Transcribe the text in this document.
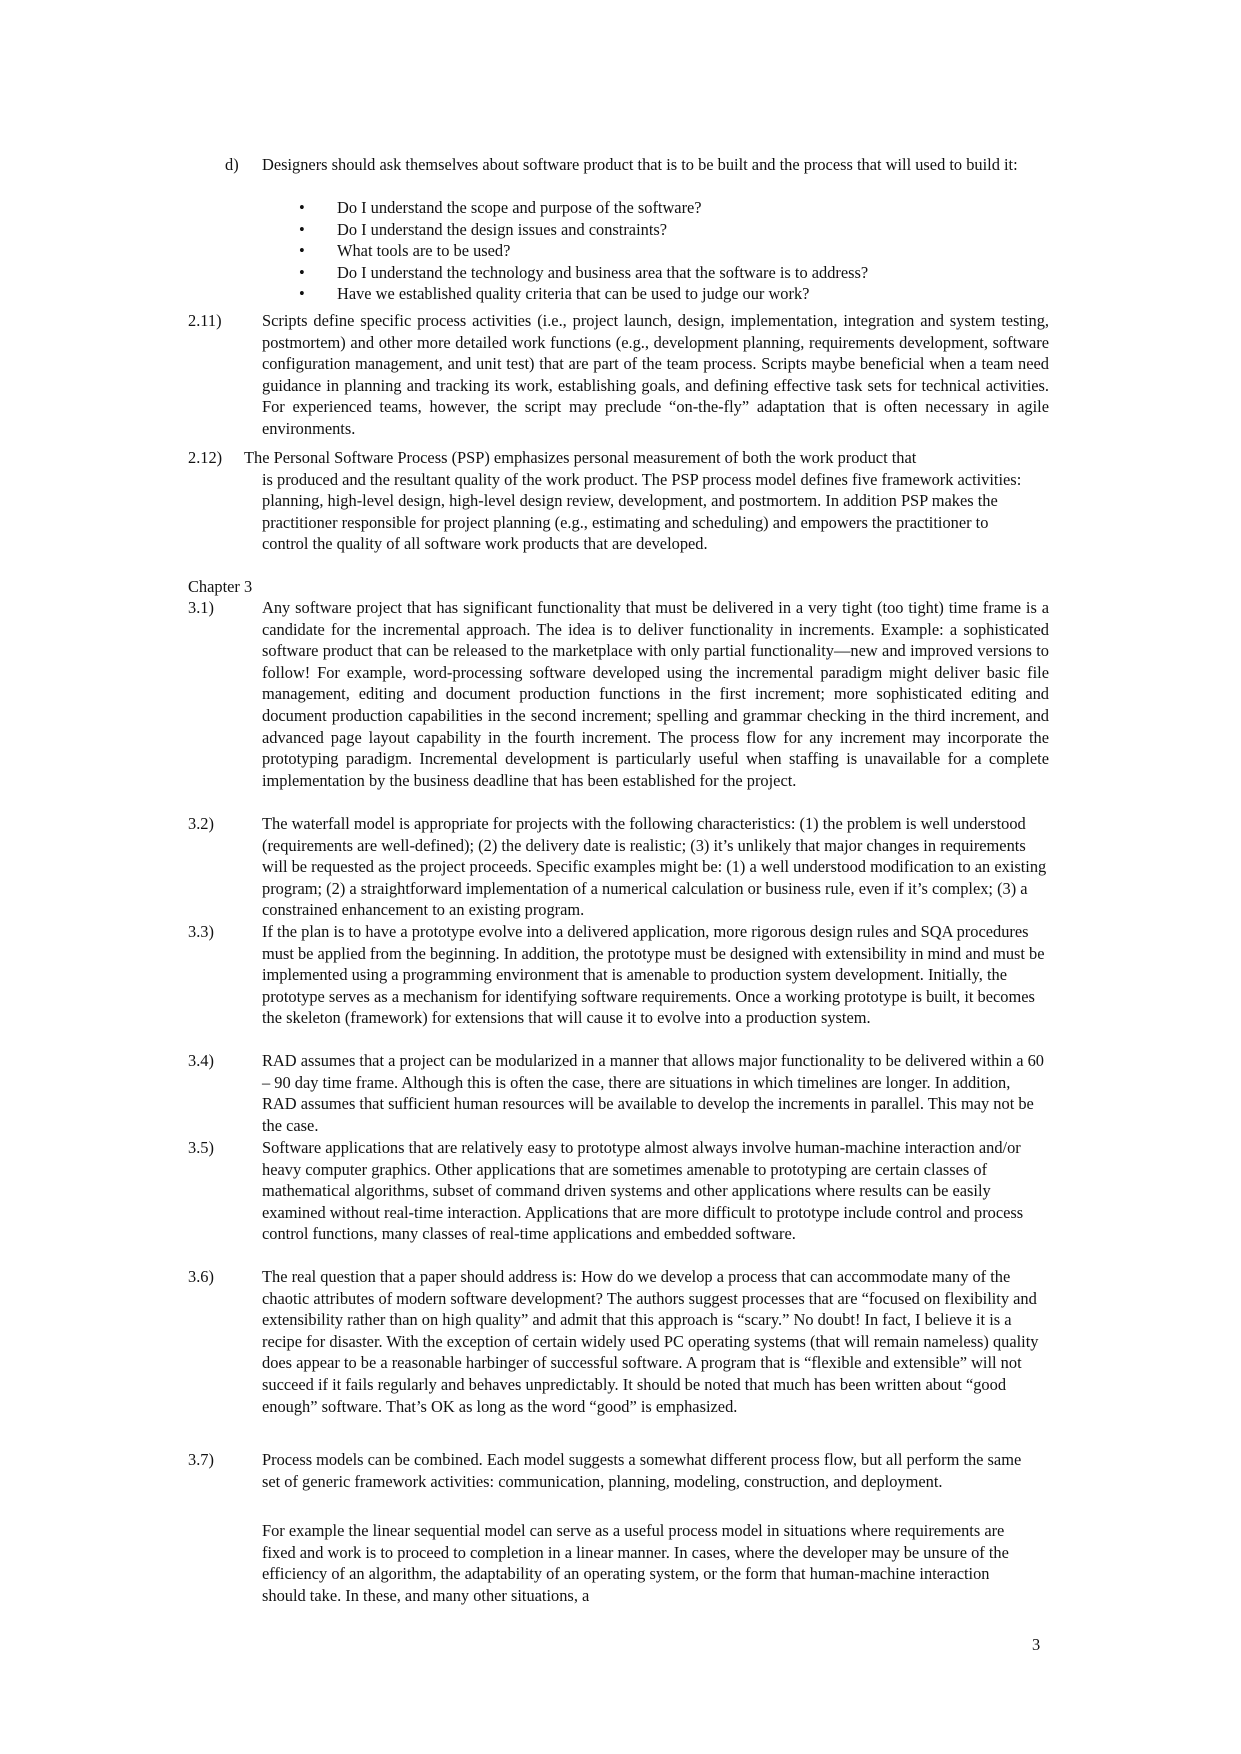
d) Designers should ask themselves about software product that is to be built and the process that will used to build it:

• Do I understand the scope and purpose of the software?
• Do I understand the design issues and constraints?
• What tools are to be used?
• Do I understand the technology and business area that the software is to address?
• Have we established quality criteria that can be used to judge our work?
2.11) Scripts define specific process activities (i.e., project launch, design, implementation, integration and system testing, postmortem) and other more detailed work functions (e.g., development planning, requirements development, software configuration management, and unit test) that are part of the team process. Scripts maybe beneficial when a team need guidance in planning and tracking its work, establishing goals, and defining effective task sets for technical activities. For experienced teams, however, the script may preclude “on-the-fly” adaptation that is often necessary in agile environments.

2.12) The Personal Software Process (PSP) emphasizes personal measurement of both the work product that

is produced and the resultant quality of the work product. The PSP process model defines five framework activities: planning, high-level design, high-level design review, development, and postmortem. In addition PSP makes the practitioner responsible for project planning (e.g., estimating and scheduling) and empowers the practitioner to control the quality of all software work products that are developed.

Chapter 3
3.1)	Any software project that has significant functionality that must be delivered in a very tight (too tight) time frame is a candidate for the incremental approach. The idea is to deliver functionality in increments. Example: a sophisticated software product that can be released to the marketplace with only partial functionality—new and improved versions to follow! For example, word-processing software developed using the incremental paradigm might deliver basic file management, editing and document production functions in the first increment; more sophisticated editing and document production capabilities in the second increment; spelling and grammar checking in the third increment, and advanced page layout capability in the fourth increment. The process flow for any increment may incorporate the prototyping paradigm. Incremental development is particularly useful when staffing is unavailable for a complete implementation by the business deadline that has been established for the project.

3.2)	The waterfall model is appropriate for projects with the following characteristics: (1) the problem is well understood (requirements are well-defined); (2) the delivery date is realistic; (3) it’s unlikely that major changes in requirements will be requested as the project proceeds. Specific examples might be: (1) a well understood modification to an existing program; (2) a straightforward implementation of a numerical calculation or business rule, even if it’s complex; (3) a constrained enhancement to an existing program.

3.3)	If the plan is to have a prototype evolve into a delivered application, more rigorous design rules and SQA procedures must be applied from the beginning. In addition, the prototype must be designed with extensibility in mind and must be implemented using a programming environment that is amenable to production system development. Initially, the prototype serves as a mechanism for identifying software requirements. Once a working prototype is built, it becomes the skeleton (framework) for extensions that will cause it to evolve into a production system.

3.4)	RAD assumes that a project can be modularized in a manner that allows major functionality to be delivered within a 60 – 90 day time frame. Although this is often the case, there are situations in which timelines are longer. In addition, RAD assumes that sufficient human resources will be available to develop the increments in parallel. This may not be the case.

3.5)	Software applications that are relatively easy to prototype almost always involve human-machine interaction and/or heavy computer graphics. Other applications that are sometimes amenable to prototyping are certain classes of mathematical algorithms, subset of command driven systems and other applications where results can be easily examined without real-time interaction. Applications that are more difficult to prototype include control and process control functions, many classes of real-time applications and embedded software.

3.6)	The real question that a paper should address is: How do we develop a process that can accommodate many of the chaotic attributes of modern software development? The authors suggest processes that are “focused on flexibility and extensibility rather than on high quality” and admit that this approach is “scary.” No doubt! In fact, I believe it is a recipe for disaster. With the exception of certain widely used PC operating systems (that will remain nameless) quality does appear to be a reasonable harbinger of successful software. A program that is “flexible and extensible” will not succeed if it fails regularly and behaves unpredictably. It should be noted that much has been written about “good enough” software. That’s OK as long as the word “good” is emphasized.

3.7)	Process models can be combined. Each model suggests a somewhat different process flow, but all perform the same set of generic framework activities: communication, planning, modeling, construction, and deployment.

For example the linear sequential model can serve as a useful process model in situations where requirements are fixed and work is to proceed to completion in a linear manner. In cases, where the developer may be unsure of the efficiency of an algorithm, the adaptability of an operating system, or the form that human-machine interaction should take. In these, and many other situations, a

3
